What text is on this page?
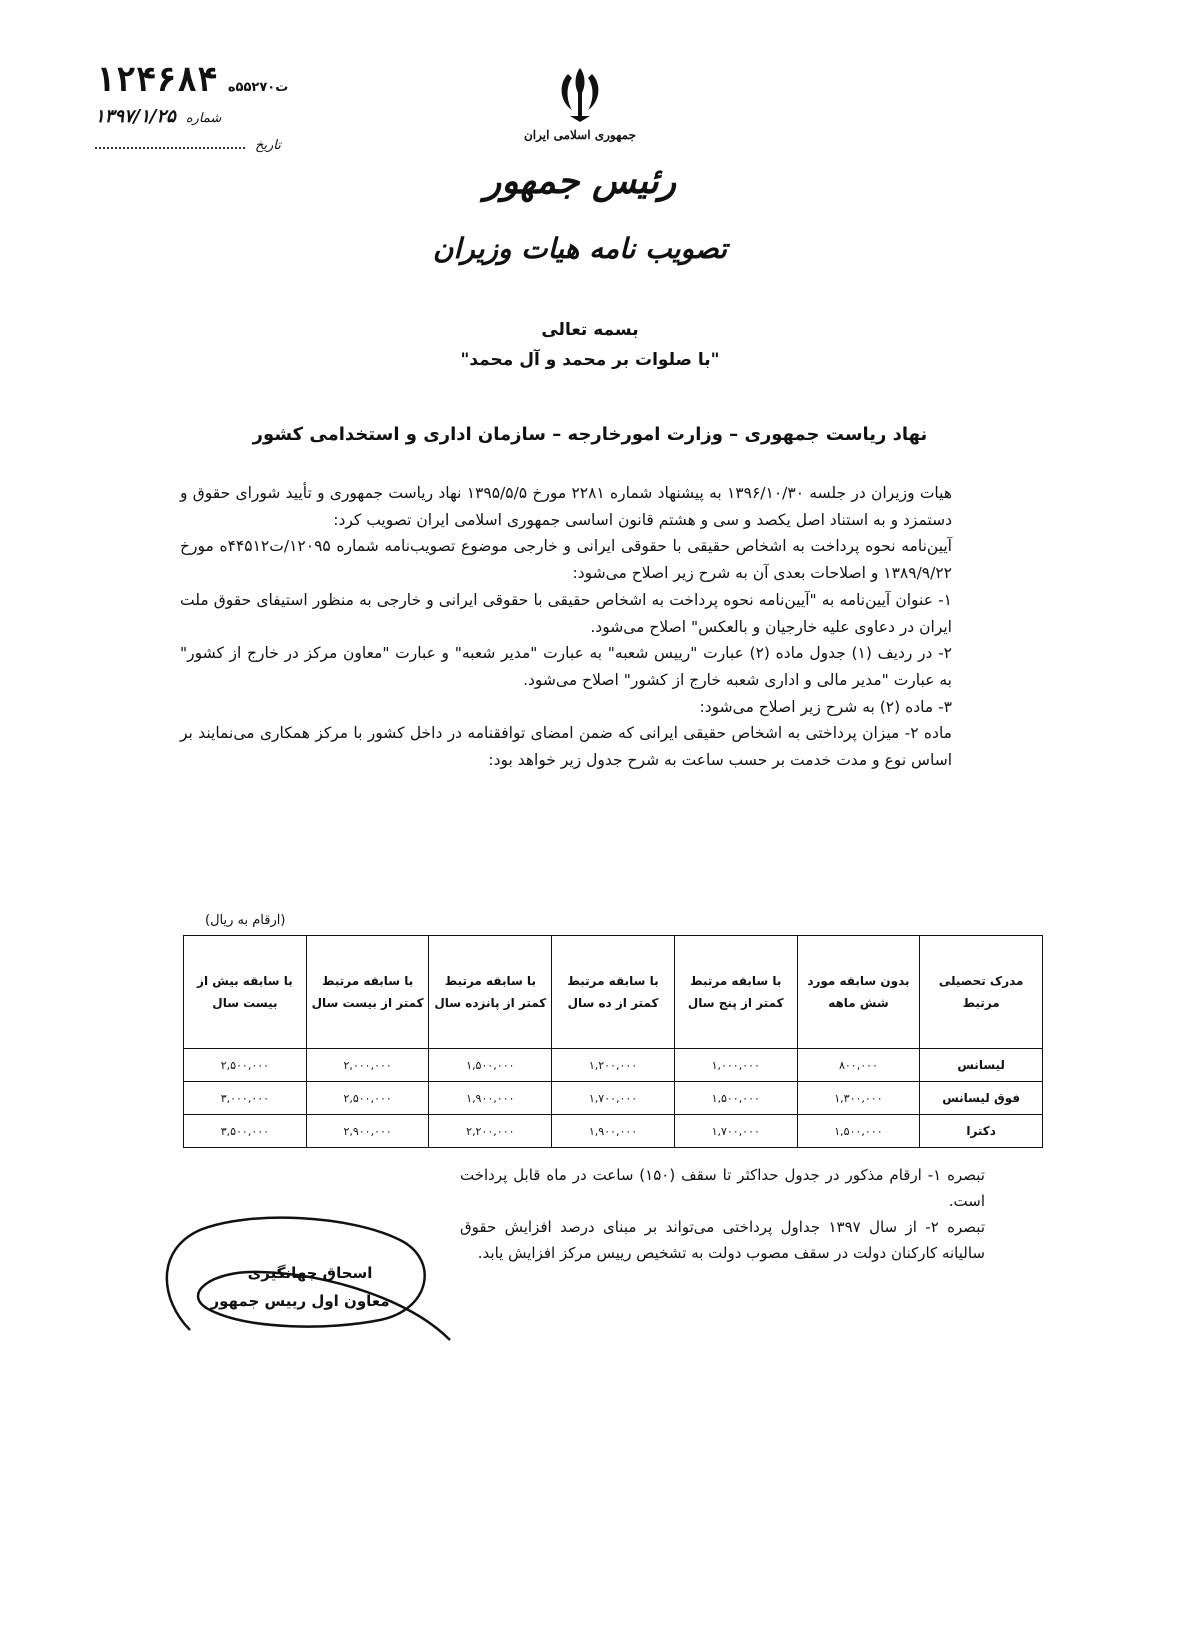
ت۵۵۲۷۰ه
۱۲۴۶۸۴
شماره
۱۳۹۷/۱/۲۵
تاریخ
جمهوری اسلامی ایران
رئیس جمهور
تصویب نامه هیات وزیران
بسمه تعالی
"با صلوات بر محمد و آل محمد"
نهاد ریاست جمهوری – وزارت امورخارجه – سازمان اداری و استخدامی کشور

هیات وزیران در جلسه ۱۳۹۶/۱۰/۳۰ به پیشنهاد شماره ۲۲۸۱ مورخ ۱۳۹۵/۵/۵ نهاد ریاست جمهوری و تأیید شورای حقوق و دستمزد و به استناد اصل یکصد و سی و هشتم قانون اساسی جمهوری اسلامی ایران تصویب کرد:

آیین‌نامه نحوه پرداخت به اشخاص حقیقی با حقوقی ایرانی و خارجی موضوع تصویب‌نامه شماره ۱۲۰۹۵/ت۴۴۵۱۲ه مورخ ۱۳۸۹/۹/۲۲ و اصلاحات بعدی آن به شرح زیر اصلاح می‌شود:

۱- عنوان آیین‌نامه به "آیین‌نامه نحوه پرداخت به اشخاص حقیقی با حقوقی ایرانی و خارجی به منظور استیفای حقوق ملت ایران در دعاوی علیه خارجیان و بالعکس" اصلاح می‌شود.

۲- در ردیف (۱) جدول ماده (۲) عبارت "رییس شعبه" به عبارت "مدیر شعبه" و عبارت "معاون مرکز در خارج از کشور" به عبارت "مدیر مالی و اداری شعبه خارج از کشور" اصلاح می‌شود.

۳- ماده (۲) به شرح زیر اصلاح می‌شود:

ماده ۲- میزان پرداختی به اشخاص حقیقی ایرانی که ضمن امضای توافقنامه در داخل کشور با مرکز همکاری می‌نمایند بر اساس نوع و مدت خدمت بر حسب ساعت به شرح جدول زیر خواهد بود:

(ارقام به ریال)
مدرک تحصیلی مرتبط	بدون سابقه مورد شش ماهه	با سابقه مرتبط کمتر از پنج سال	با سابقه مرتبط کمتر از ده سال	با سابقه مرتبط کمتر از پانزده سال	با سابقه مرتبط کمتر از بیست سال	با سابقه بیش از بیست سال
لیسانس	۸۰۰,۰۰۰	۱,۰۰۰,۰۰۰	۱,۲۰۰,۰۰۰	۱,۵۰۰,۰۰۰	۲,۰۰۰,۰۰۰	۲,۵۰۰,۰۰۰
فوق لیسانس	۱,۳۰۰,۰۰۰	۱,۵۰۰,۰۰۰	۱,۷۰۰,۰۰۰	۱,۹۰۰,۰۰۰	۲,۵۰۰,۰۰۰	۳,۰۰۰,۰۰۰
دکترا	۱,۵۰۰,۰۰۰	۱,۷۰۰,۰۰۰	۱,۹۰۰,۰۰۰	۲,۲۰۰,۰۰۰	۲,۹۰۰,۰۰۰	۳,۵۰۰,۰۰۰

تبصره ۱- ارقام مذکور در جدول حداکثر تا سقف (۱۵۰) ساعت در ماه قابل پرداخت است.

تبصره ۲- از سال ۱۳۹۷ جداول پرداختی می‌تواند بر مبنای درصد افزایش حقوق سالیانه کارکنان دولت در سقف مصوب دولت به تشخیص رییس مرکز افزایش یابد.

اسحاق جهانگیری
معاون اول رییس جمهور
